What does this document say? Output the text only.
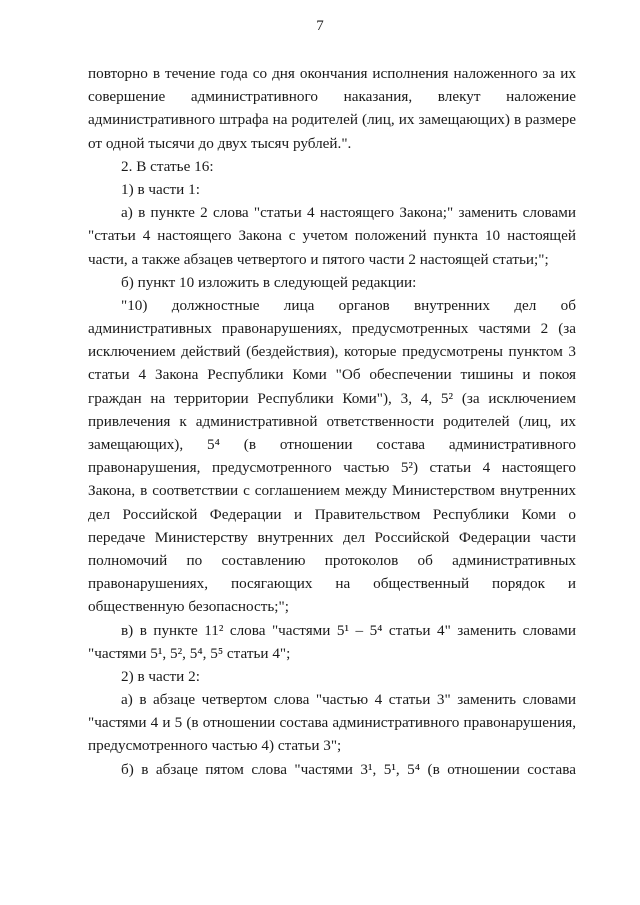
7
повторно в течение года со дня окончания исполнения наложенного за их
совершение административного наказания, влекут наложение
административного штрафа на родителей (лиц, их замещающих) в размере
от одной тысячи до двух тысяч рублей.".
2. В статье 16:
1) в части 1:
а) в пункте 2 слова "статьи 4 настоящего Закона;" заменить словами
"статьи 4 настоящего Закона с учетом положений пункта 10 настоящей
части, а также абзацев четвертого и пятого части 2 настоящей статьи;";
б) пункт 10 изложить в следующей редакции:
"10) должностные лица органов внутренних дел об
административных правонарушениях, предусмотренных частями 2 (за
исключением действий (бездействия), которые предусмотрены пунктом 3
статьи 4 Закона Республики Коми "Об обеспечении тишины и покоя
граждан на территории Республики Коми"), 3, 4, 5² (за исключением
привлечения к административной ответственности родителей (лиц, их
замещающих), 5⁴ (в отношении состава административного
правонарушения, предусмотренного частью 5²) статьи 4 настоящего
Закона, в соответствии с соглашением между Министерством внутренних
дел Российской Федерации и Правительством Республики Коми о
передаче Министерству внутренних дел Российской Федерации части
полномочий по составлению протоколов об административных
правонарушениях, посягающих на общественный порядок и
общественную безопасность;";
в) в пункте 11² слова "частями 5¹ – 5⁴ статьи 4" заменить словами
"частями 5¹, 5², 5⁴, 5⁵ статьи 4";
2) в части 2:
а) в абзаце четвертом слова "частью 4 статьи 3" заменить словами
"частями 4 и 5 (в отношении состава административного правонарушения,
предусмотренного частью 4) статьи 3";
б) в абзаце пятом слова "частями 3¹, 5¹, 5⁴ (в отношении состава
